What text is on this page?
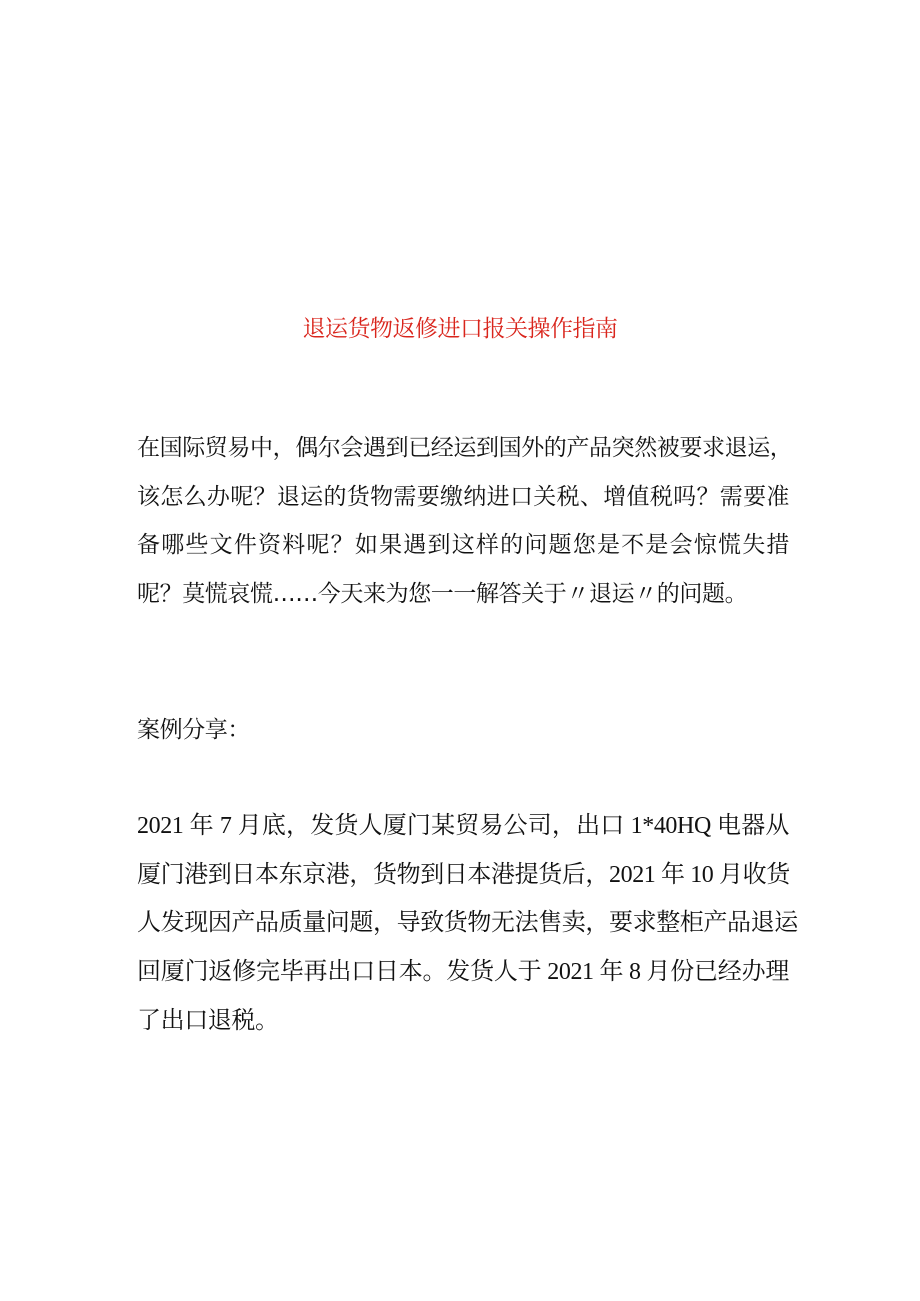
退运货物返修进口报关操作指南

在国际贸易中，偶尔会遇到已经运到国外的产品突然被要求退运，
该怎么办呢？退运的货物需要缴纳进口关税、增值税吗？需要准
备哪些文件资料呢？如果遇到这样的问题您是不是会惊慌失措
呢？莫慌哀慌……今天来为您一一解答关于〃退运〃的问题。

案例分享：

2021 年 7 月底，发货人厦门某贸易公司，出口 1*40HQ 电器从
厦门港到日本东京港，货物到日本港提货后，2021 年 10 月收货
人发现因产品质量问题，导致货物无法售卖，要求整柜产品退运
回厦门返修完毕再出口日本。发货人于 2021 年 8 月份已经办理
了出口退税。
